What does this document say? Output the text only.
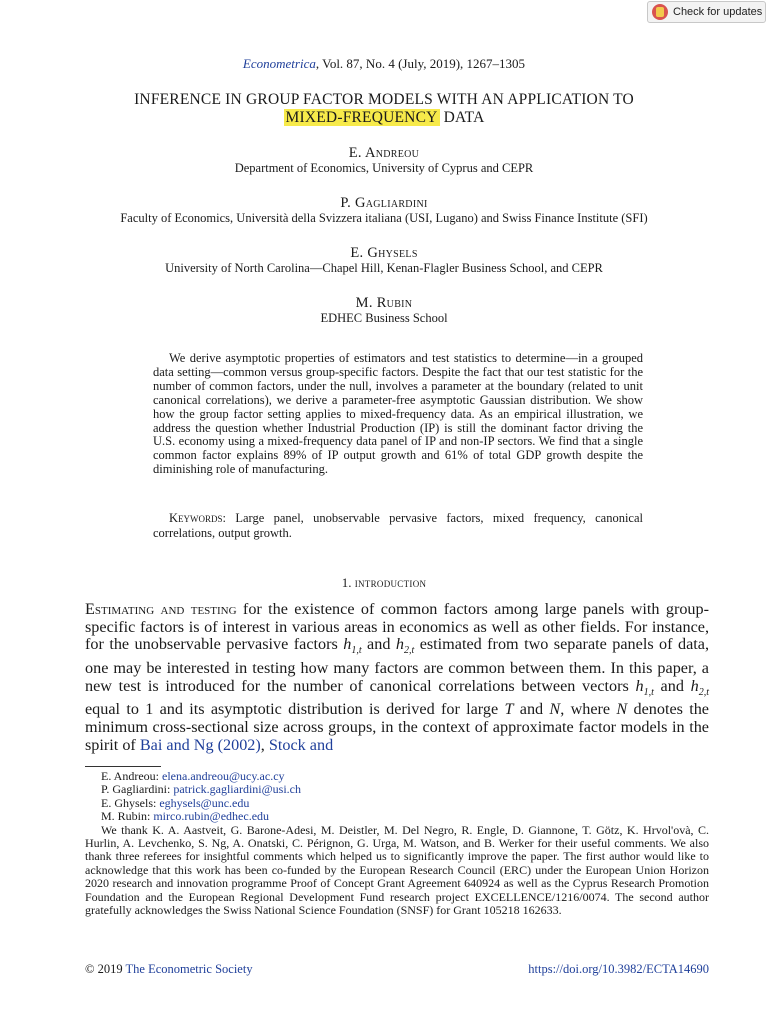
Check for updates
Econometrica, Vol. 87, No. 4 (July, 2019), 1267–1305
INFERENCE IN GROUP FACTOR MODELS WITH AN APPLICATION TO
MIXED-FREQUENCY DATA
E. Andreou
Department of Economics, University of Cyprus and CEPR
P. Gagliardini
Faculty of Economics, Università della Svizzera italiana (USI, Lugano) and Swiss Finance Institute (SFI)
E. Ghysels
University of North Carolina—Chapel Hill, Kenan-Flagler Business School, and CEPR
M. Rubin
EDHEC Business School

We derive asymptotic properties of estimators and test statistics to determine—in a grouped data setting—common versus group-specific factors. Despite the fact that our test statistic for the number of common factors, under the null, involves a parameter at the boundary (related to unit canonical correlations), we derive a parameter-free asymptotic Gaussian distribution. We show how the group factor setting applies to mixed-frequency data. As an empirical illustration, we address the question whether Industrial Production (IP) is still the dominant factor driving the U.S. economy using a mixed-frequency data panel of IP and non-IP sectors. We find that a single common factor explains 89% of IP output growth and 61% of total GDP growth despite the diminishing role of manufacturing.

Keywords: Large panel, unobservable pervasive factors, mixed frequency, canonical correlations, output growth.

1. introduction

Estimating and testing for the existence of common factors among large panels with group-specific factors is of interest in various areas in economics as well as other fields. For instance, for the unobservable pervasive factors $h_{1,t}$ and $h_{2,t}$ estimated from two separate panels of data, one may be interested in testing how many factors are common between them. In this paper, a new test is introduced for the number of canonical correlations between vectors $h_{1,t}$ and $h_{2,t}$ equal to 1 and its asymptotic distribution is derived for large T and N, where N denotes the minimum cross-sectional size across groups, in the context of approximate factor models in the spirit of Bai and Ng (2002), Stock and

E. Andreou: elena.andreou@ucy.ac.cy
P. Gagliardini: patrick.gagliardini@usi.ch
E. Ghysels: eghysels@unc.edu
M. Rubin: mirco.rubin@edhec.edu

We thank K. A. Aastveit, G. Barone-Adesi, M. Deistler, M. Del Negro, R. Engle, D. Giannone, T. Götz, K. Hrvol'ovà, C. Hurlin, A. Levchenko, S. Ng, A. Onatski, C. Pérignon, G. Urga, M. Watson, and B. Werker for their useful comments. We also thank three referees for insightful comments which helped us to significantly improve the paper. The first author would like to acknowledge that this work has been co-funded by the European Research Council (ERC) under the European Union Horizon 2020 research and innovation programme Proof of Concept Grant Agreement 640924 as well as the Cyprus Research Promotion Foundation and the European Regional Development Fund research project EXCELLENCE/1216/0074. The second author gratefully acknowledges the Swiss National Science Foundation (SNSF) for Grant 105218 162633.

© 2019 The Econometric Society	https://doi.org/10.3982/ECTA14690
